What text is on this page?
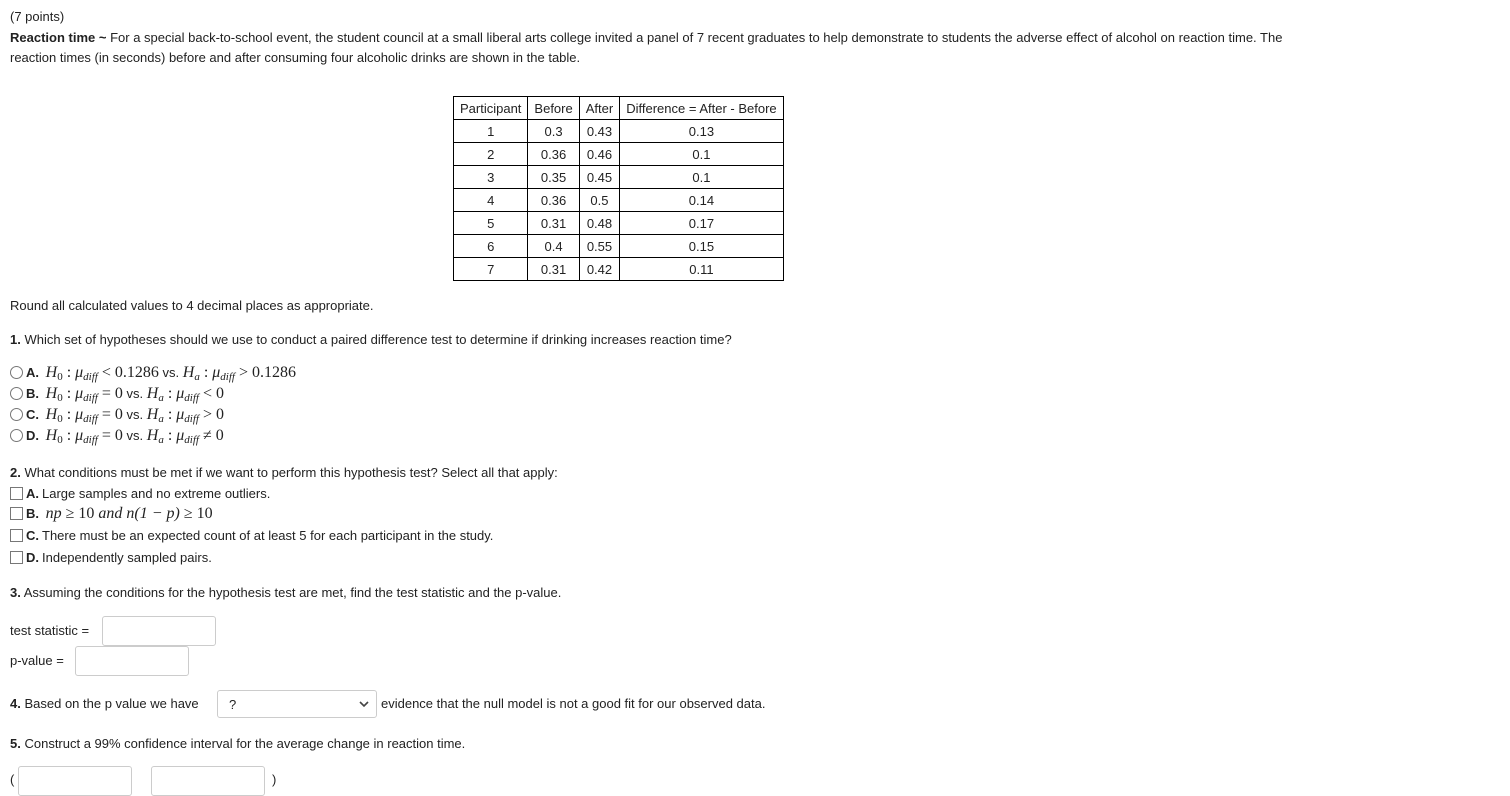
(7 points)
Reaction time ~ For a special back-to-school event, the student council at a small liberal arts college invited a panel of 7 recent graduates to help demonstrate to students the adverse effect of alcohol on reaction time. The reaction times (in seconds) before and after consuming four alcoholic drinks are shown in the table.
Participant	Before	After	Difference = After - Before
1	0.3	0.43	0.13
2	0.36	0.46	0.1
3	0.35	0.45	0.1
4	0.36	0.5	0.14
5	0.31	0.48	0.17
6	0.4	0.55	0.15
7	0.31	0.42	0.11
Round all calculated values to 4 decimal places as appropriate.
1. Which set of hypotheses should we use to conduct a paired difference test to determine if drinking increases reaction time?
A. $H_0$ : $\mu_{diff} < 0.1286$ vs. $H_a$ : $\mu_{diff} > 0.1286$
B. $H_0$ : $\mu_{diff} = 0$ vs. $H_a$ : $\mu_{diff} < 0$
C. $H_0$ : $\mu_{diff} = 0$ vs. $H_a$ : $\mu_{diff} > 0$
D. $H_0$ : $\mu_{diff} = 0$ vs. $H_a$ : $\mu_{diff} \ne 0$
2. What conditions must be met if we want to perform this hypothesis test? Select all that apply:
A. Large samples and no extreme outliers.
B. np ≥ 10 and n(1 − p) ≥ 10
C. There must be an expected count of at least 5 for each participant in the study.
D. Independently sampled pairs.
3. Assuming the conditions for the hypothesis test are met, find the test statistic and the p-value.
test statistic =
p-value =
4. Based on the p value we have ?	evidence that the null model is not a good fit for our observed data.
5. Construct a 99% confidence interval for the average change in reaction time.
(	)
